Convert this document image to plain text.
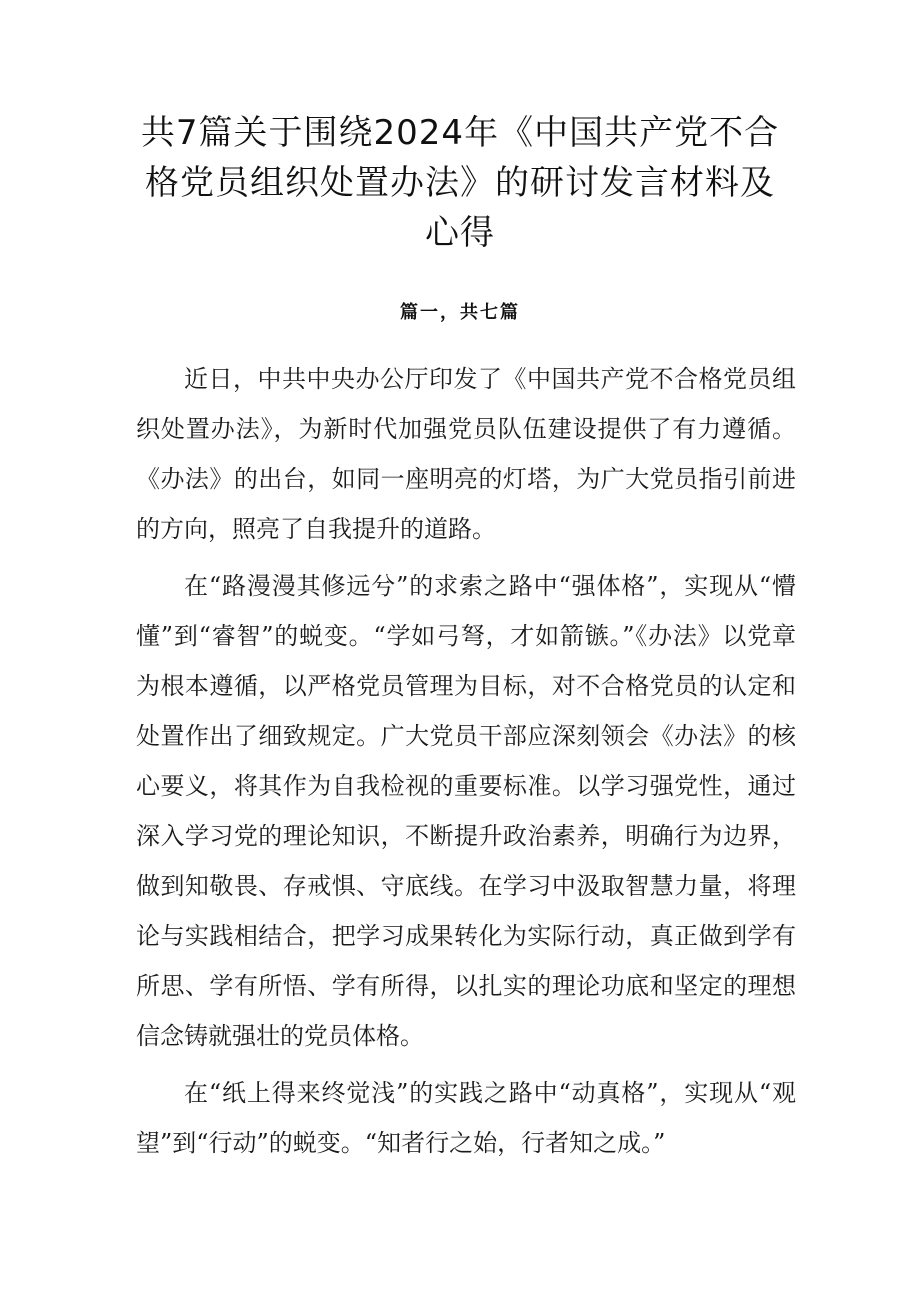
共7篇关于围绕2024年《中国共产党不合格党员组织处置办法》的研讨发言材料及心得
篇一，共七篇

近日，中共中央办公厅印发了《中国共产党不合格党员组织处置办法》，为新时代加强党员队伍建设提供了有力遵循。《办法》的出台，如同一座明亮的灯塔，为广大党员指引前进的方向，照亮了自我提升的道路。

在“路漫漫其修远兮”的求索之路中“强体格”，实现从“懵懂”到“睿智”的蜕变。“学如弓弩，才如箭镞。”《办法》以党章为根本遵循，以严格党员管理为目标，对不合格党员的认定和处置作出了细致规定。广大党员干部应深刻领会《办法》的核心要义，将其作为自我检视的重要标准。以学习强党性，通过深入学习党的理论知识，不断提升政治素养，明确行为边界，做到知敬畏、存戒惧、守底线。在学习中汲取智慧力量，将理论与实践相结合，把学习成果转化为实际行动，真正做到学有所思、学有所悟、学有所得，以扎实的理论功底和坚定的理想信念铸就强壮的党员体格。

在“纸上得来终觉浅”的实践之路中“动真格”，实现从“观望”到“行动”的蜕变。“知者行之始，行者知之成。”
